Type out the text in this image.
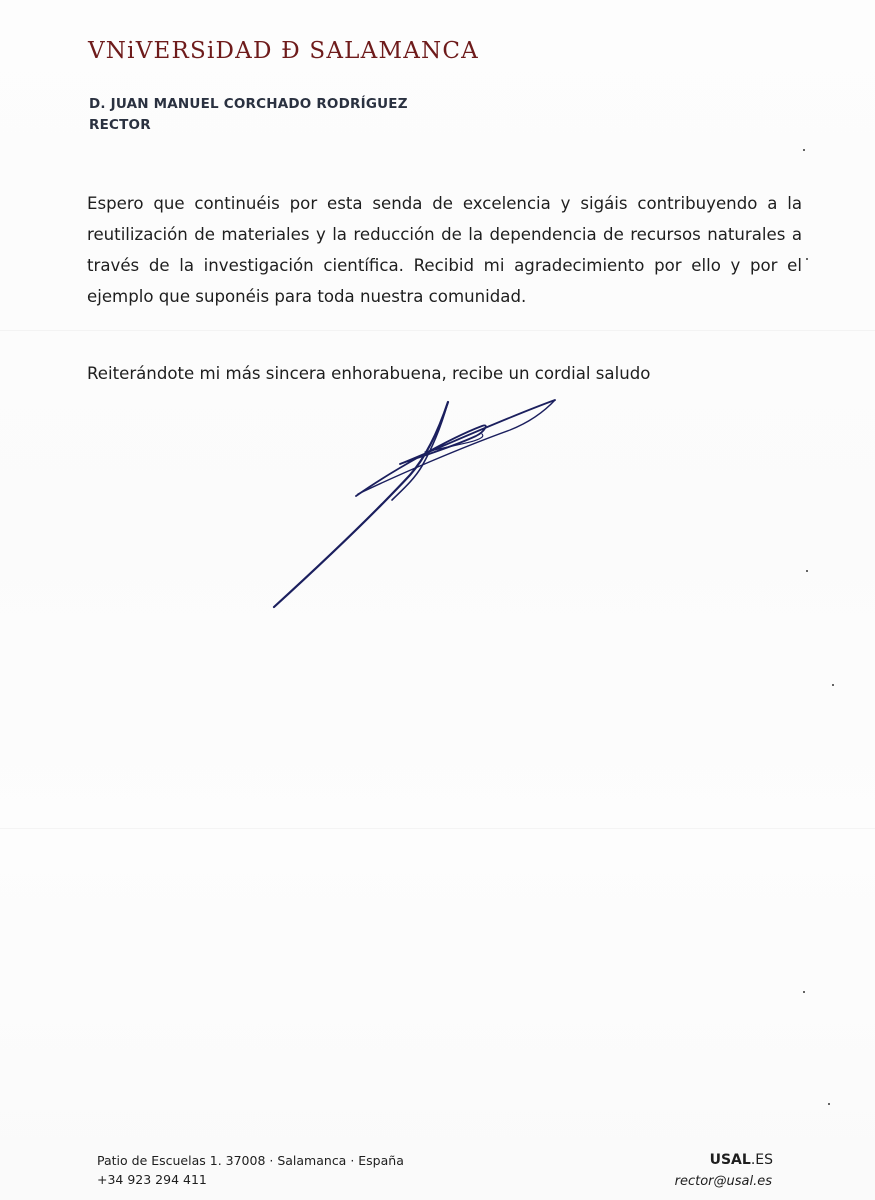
VNiVERSiDAD Ð SALAMANCA
D. JUAN MANUEL CORCHADO RODRÍGUEZ
RECTOR
Espero que continuéis por esta senda de excelencia y sigáis contribuyendo a la
reutilización de materiales y la reducción de la dependencia de recursos naturales a
través de la investigación científica. Recibid mi agradecimiento por ello y por el
ejemplo que suponéis para toda nuestra comunidad.
Reiterándote mi más sincera enhorabuena, recibe un cordial saludo
Patio de Escuelas 1. 37008 · Salamanca · España
+34 923 294 411
USAL.ES
rector@usal.es
